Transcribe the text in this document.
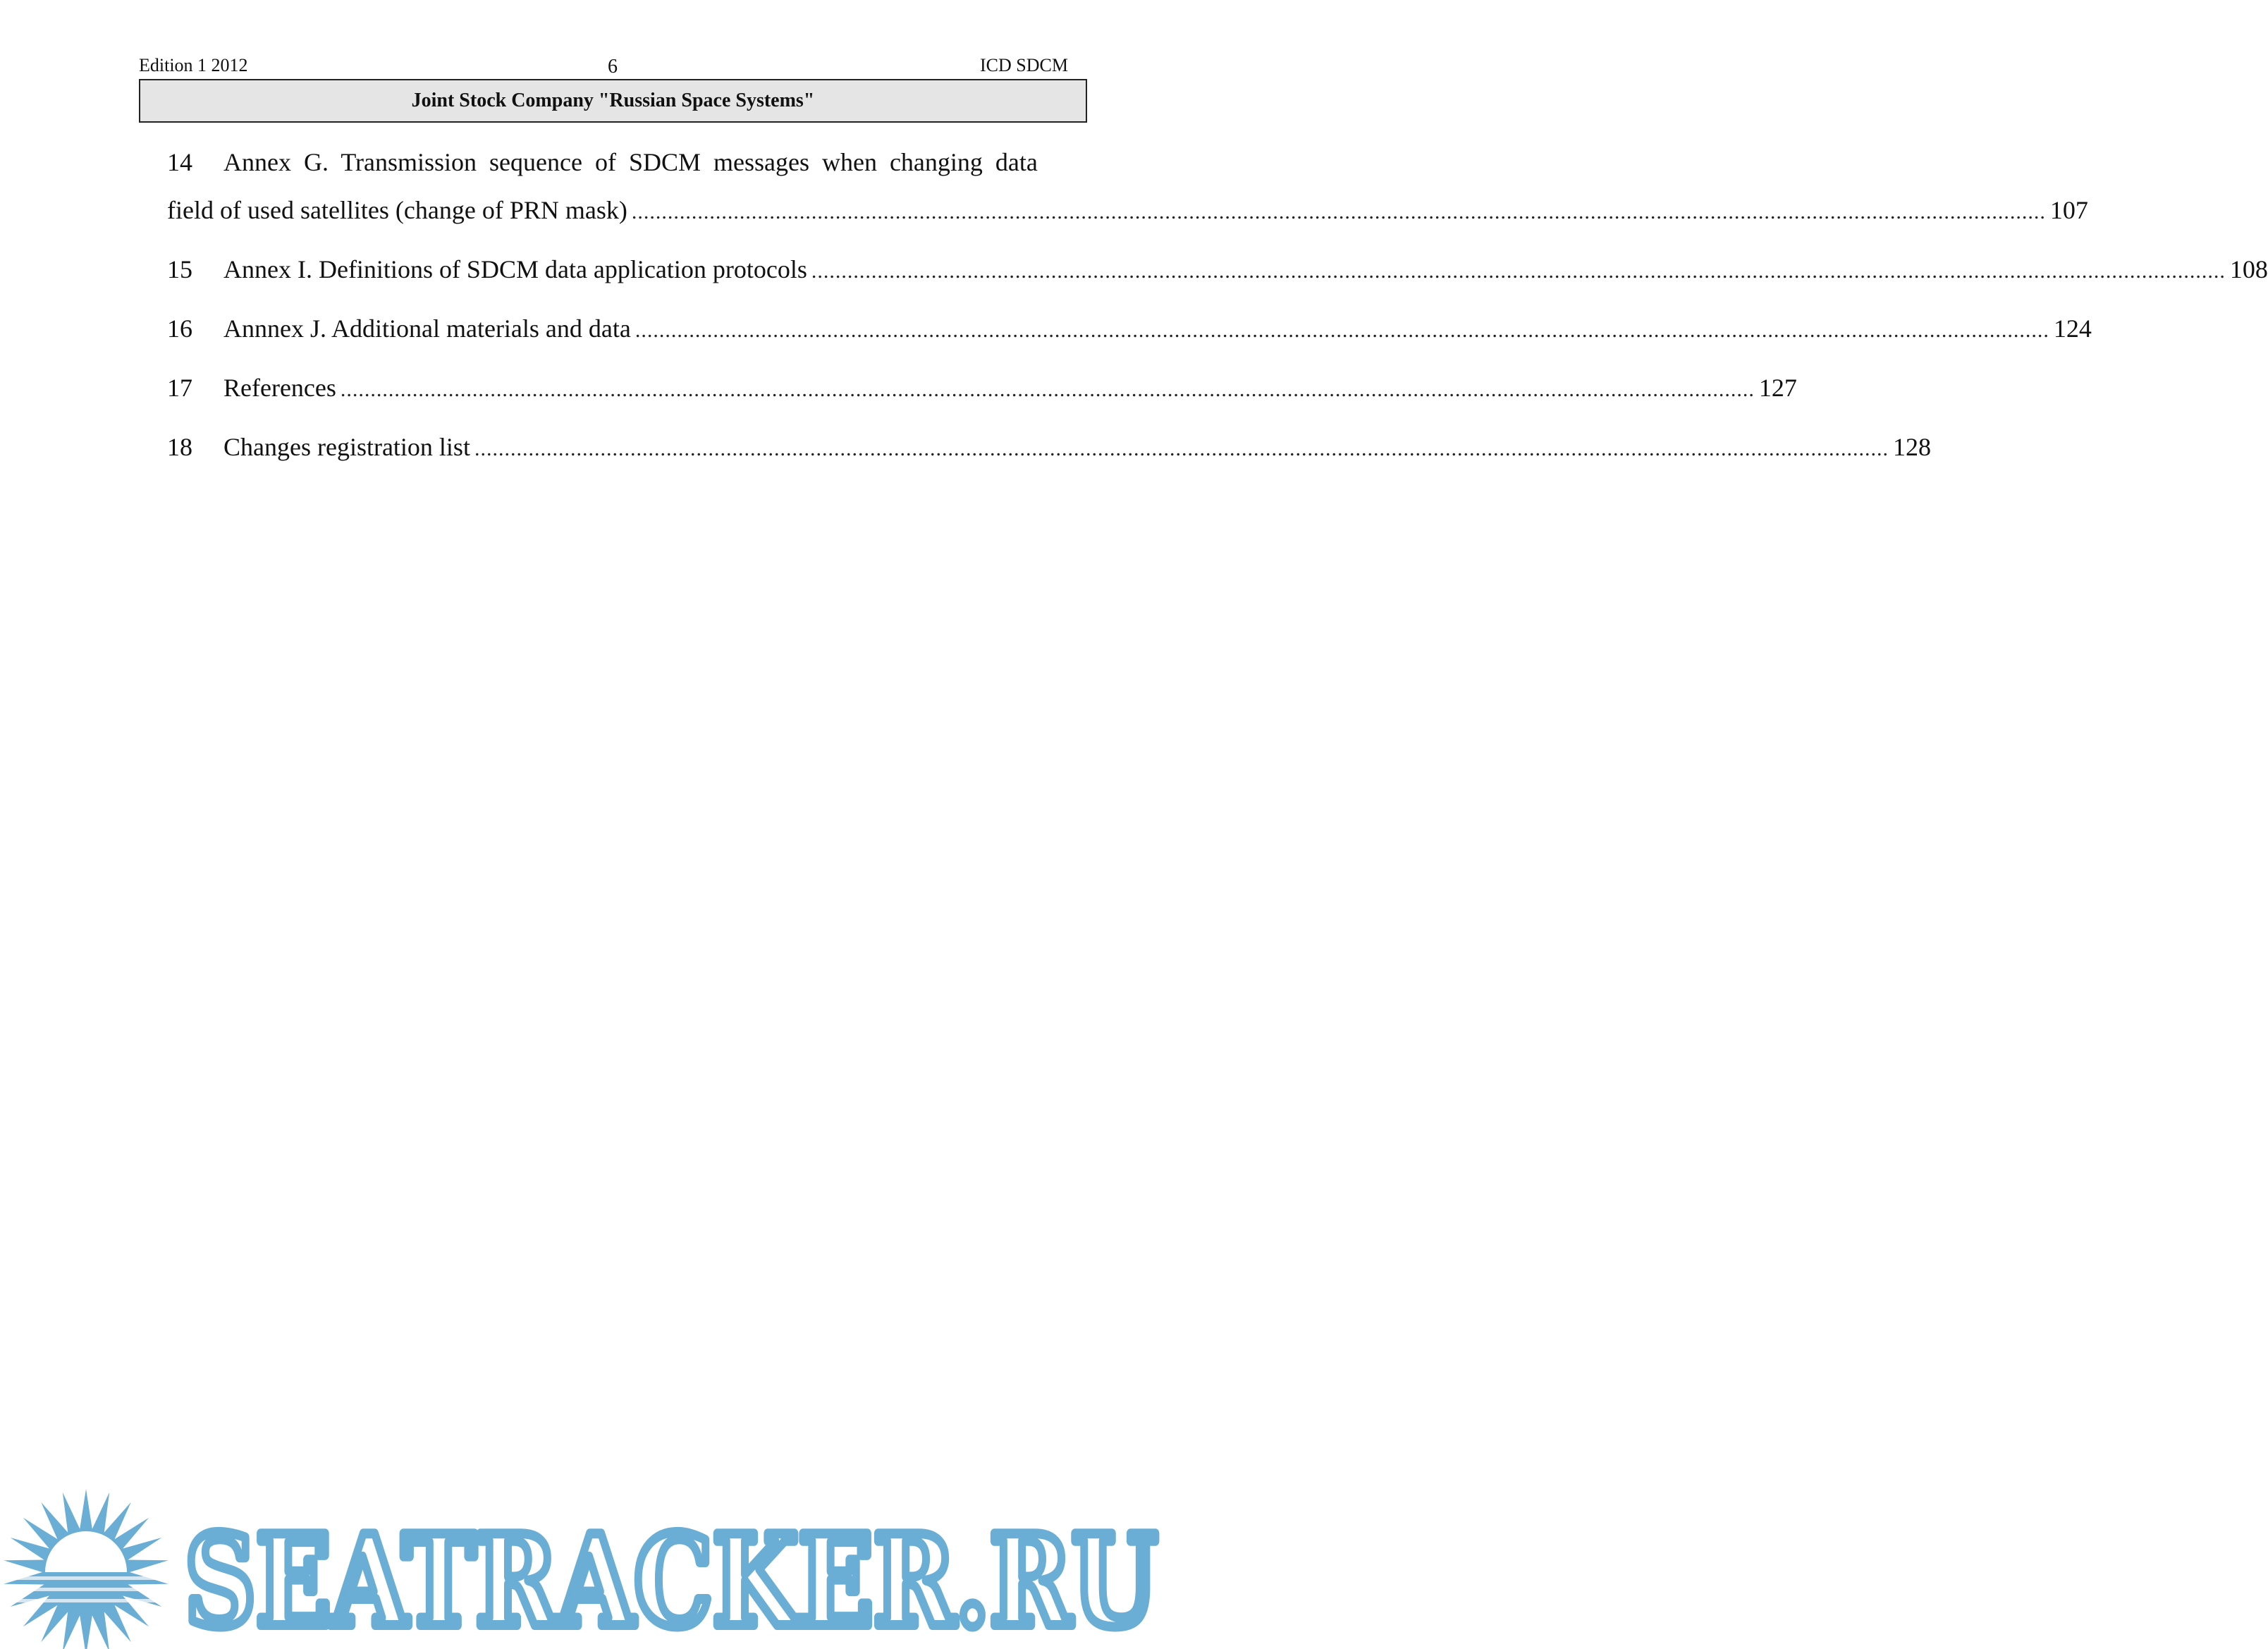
Edition 1 2012	6	ICD SDCM
Joint Stock Company "Russian Space Systems"
14	Annex G. Transmission sequence of SDCM messages when changing data
field of used satellites (change of PRN mask) .....	107
15	Annex I. Definitions of SDCM data application protocols .....	108
16	Annnex J. Additional materials and data .....	124
17	References .....	127
18	Changes registration list .....	128
SEATRACKER.RU
